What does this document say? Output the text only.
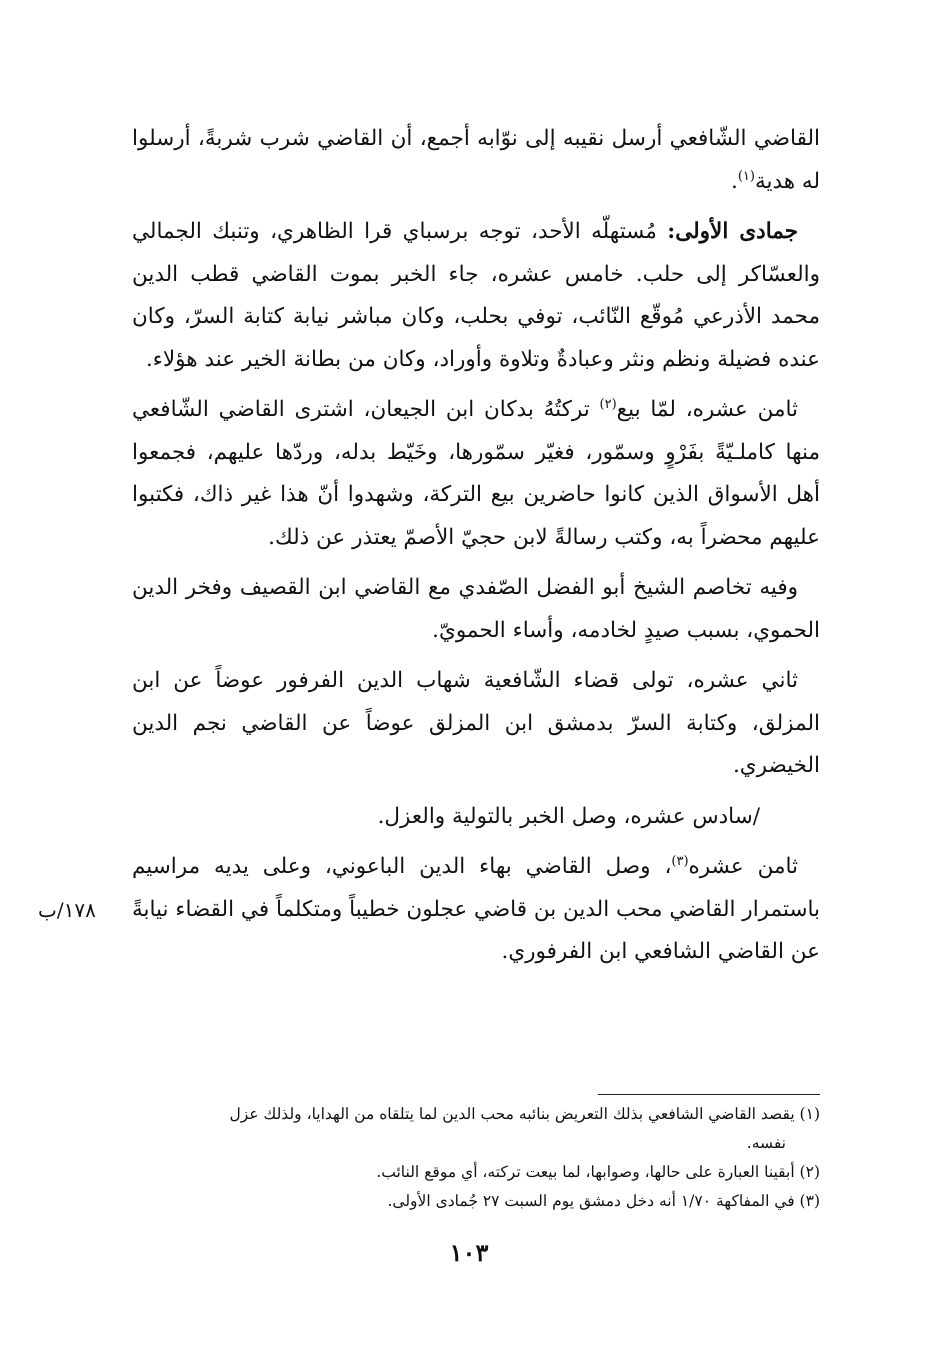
القاضي الشّافعي أرسل نقيبه إلى نوّابه أجمع، أن القاضي شرب شربةً، أرسلوا له هدية$^{(١)}$.

جمادى الأولى: مُستهلّه الأحد، توجه برسباي قرا الظاهري، وتنبك الجمالي والعسّاكر إلى حلب. خامس عشره، جاء الخبر بموت القاضي قطب الدين محمد الأذرعي مُوقّع النّائب، توفي بحلب، وكان مباشر نيابة كتابة السرّ، وكان عنده فضيلة ونظم ونثر وعبادةٌ وتلاوة وأوراد، وكان من بطانة الخير عند هؤلاء.

ثامن عشره، لمّا بيع$^{(٢)}$ تركتُهُ بدكان ابن الجيعان، اشترى القاضي الشّافعي منها كاملـيّةً بفَرْوٍ وسمّور، فغيّر سمّورها، وخَيّط بدله، وردّها عليهم، فجمعوا أهل الأسواق الذين كانوا حاضرين بيع التركة، وشهدوا أنّ هذا غير ذاك، فكتبوا عليهم محضراً به، وكتب رسالةً لابن حجيّ الأصمّ يعتذر عن ذلك.

وفيه تخاصم الشيخ أبو الفضل الصّفدي مع القاضي ابن القصيف وفخر الدين الحموي، بسبب صيدٍ لخادمه، وأساء الحمويّ.

ثاني عشره، تولى قضاء الشّافعية شهاب الدين الفرفور عوضاً عن ابن المزلق، وكتابة السرّ بدمشق ابن المزلق عوضاً عن القاضي نجم الدين الخيضري.

/سادس عشره، وصل الخبر بالتولية والعزل.

ثامن عشره$^{(٣)}$، وصل القاضي بهاء الدين الباعوني، وعلى يديه مراسيم باستمرار القاضي محب الدين بن قاضي عجلون خطيباً ومتكلماً في القضاء نيابةً عن القاضي الشافعي ابن الفرفوري.

١٧٨/ب
(١) يقصد القاضي الشافعي بذلك التعريض بنائبه محب الدين لما يتلقاه من الهدايا، ولذلك عزل
نفسه.
(٢) أبقينا العبارة على حالها، وصوابها، لما بيعت تركته، أي موقع النائب.
(٣) في المفاكهة ١/٧٠ أنه دخل دمشق يوم السبت ٢٧ جُمادى الأولى.
١٠٣
